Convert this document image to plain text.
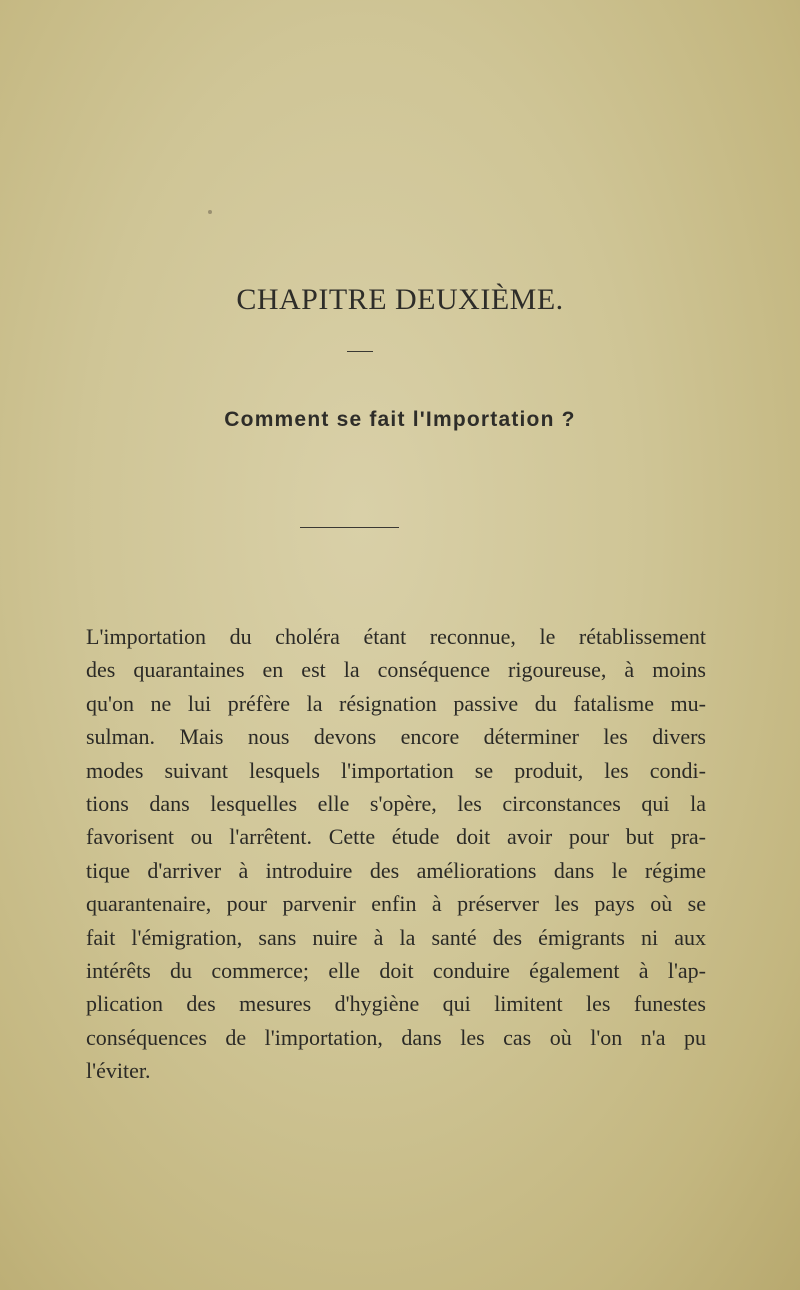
CHAPITRE DEUXIÈME.
Comment se fait l'Importation ?
L'importation du choléra étant reconnue, le rétablissement
des quarantaines en est la conséquence rigoureuse, à moins
qu'on ne lui préfère la résignation passive du fatalisme mu-
sulman. Mais nous devons encore déterminer les divers
modes suivant lesquels l'importation se produit, les condi-
tions dans lesquelles elle s'opère, les circonstances qui la
favorisent ou l'arrêtent. Cette étude doit avoir pour but pra-
tique d'arriver à introduire des améliorations dans le régime
quarantenaire, pour parvenir enfin à préserver les pays où se
fait l'émigration, sans nuire à la santé des émigrants ni aux
intérêts du commerce; elle doit conduire également à l'ap-
plication des mesures d'hygiène qui limitent les funestes
conséquences de l'importation, dans les cas où l'on n'a pu
l'éviter.
